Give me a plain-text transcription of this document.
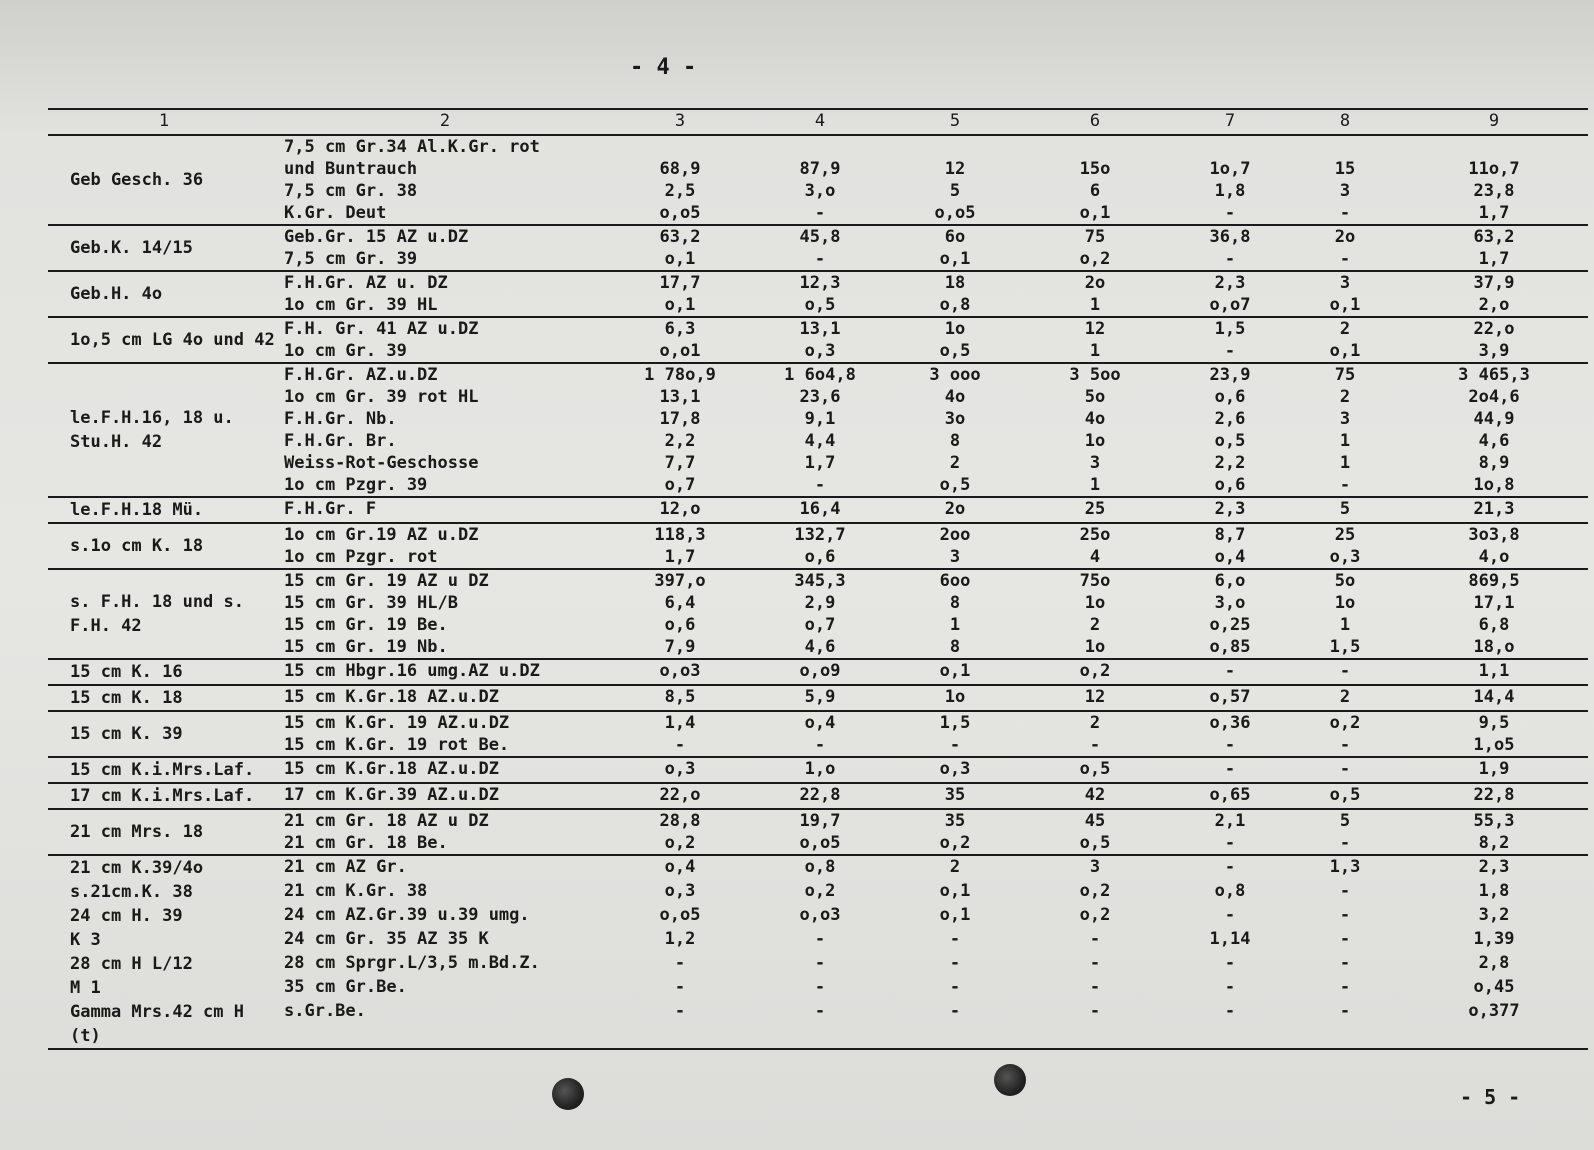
- 4 -
1	2	3	4	5	6	7	8	9
Geb Gesch. 36	7,5 cm Gr.34 Al.K.Gr. rot							
	und Buntrauch	68,9	87,9	12	15o	1o,7	15	11o,7
	7,5 cm Gr. 38	2,5	3,o	5	6	1,8	3	23,8
	K.Gr. Deut	o,o5	-	o,o5	o,1	-	-	1,7
Geb.K. 14/15	Geb.Gr. 15 AZ u.DZ	63,2	45,8	6o	75	36,8	2o	63,2
	7,5 cm Gr. 39	o,1	-	o,1	o,2	-	-	1,7
Geb.H. 4o	F.H.Gr. AZ u. DZ	17,7	12,3	18	2o	2,3	3	37,9
	1o cm Gr. 39 HL	o,1	o,5	o,8	1	o,o7	o,1	2,o
1o,5 cm LG 4o und 42	F.H. Gr. 41 AZ u.DZ	6,3	13,1	1o	12	1,5	2	22,o
	1o cm Gr. 39	o,o1	o,3	o,5	1	-	o,1	3,9
le.F.H.16, 18 u. Stu.H. 42	F.H.Gr. AZ.u.DZ	1 78o,9	1 6o4,8	3 ooo	3 5oo	23,9	75	3 465,3
	1o cm Gr. 39 rot HL	13,1	23,6	4o	5o	o,6	2	2o4,6
	F.H.Gr. Nb.	17,8	9,1	3o	4o	2,6	3	44,9
	F.H.Gr. Br.	2,2	4,4	8	1o	o,5	1	4,6
	Weiss-Rot-Geschosse	7,7	1,7	2	3	2,2	1	8,9
	1o cm Pzgr. 39	o,7	-	o,5	1	o,6	-	1o,8
le.F.H.18 Mü.	F.H.Gr. F	12,o	16,4	2o	25	2,3	5	21,3
s.1o cm K. 18	1o cm Gr.19 AZ u.DZ	118,3	132,7	2oo	25o	8,7	25	3o3,8
	1o cm Pzgr. rot	1,7	o,6	3	4	o,4	o,3	4,o
s. F.H. 18 und s. F.H. 42	15 cm Gr. 19 AZ u DZ	397,o	345,3	6oo	75o	6,o	5o	869,5
	15 cm Gr. 39 HL/B	6,4	2,9	8	1o	3,o	1o	17,1
	15 cm Gr. 19 Be.	o,6	o,7	1	2	o,25	1	6,8
	15 cm Gr. 19 Nb.	7,9	4,6	8	1o	o,85	1,5	18,o
15 cm K. 16	15 cm Hbgr.16 umg.AZ u.DZ	o,o3	o,o9	o,1	o,2	-	-	1,1
15 cm K. 18	15 cm K.Gr.18 AZ.u.DZ	8,5	5,9	1o	12	o,57	2	14,4
15 cm K. 39	15 cm K.Gr. 19 AZ.u.DZ	1,4	o,4	1,5	2	o,36	o,2	9,5
	15 cm K.Gr. 19 rot Be.	-	-	-	-	-	-	1,o5
15 cm K.i.Mrs.Laf.	15 cm K.Gr.18 AZ.u.DZ	o,3	1,o	o,3	o,5	-	-	1,9
17 cm K.i.Mrs.Laf.	17 cm K.Gr.39 AZ.u.DZ	22,o	22,8	35	42	o,65	o,5	22,8
21 cm Mrs. 18	21 cm Gr. 18 AZ u DZ	28,8	19,7	35	45	2,1	5	55,3
	21 cm Gr. 18 Be.	o,2	o,o5	o,2	o,5	-	-	8,2
21 cm K.39/4o	21 cm AZ Gr.	o,4	o,8	2	3	-	1,3	2,3
s.21cm.K. 38	21 cm K.Gr. 38	o,3	o,2	o,1	o,2	o,8	-	1,8
24 cm H. 39	24 cm AZ.Gr.39 u.39 umg.	o,o5	o,o3	o,1	o,2	-	-	3,2
K 3	24 cm Gr. 35 AZ 35 K	1,2	-	-	-	1,14	-	1,39
28 cm H L/12	28 cm Sprgr.L/3,5 m.Bd.Z.	-	-	-	-	-	-	2,8
M 1	35 cm Gr.Be.	-	-	-	-	-	-	o,45
Gamma Mrs.42 cm H (t)	s.Gr.Be.	-	-	-	-	-	-	o,377
- 5 -
